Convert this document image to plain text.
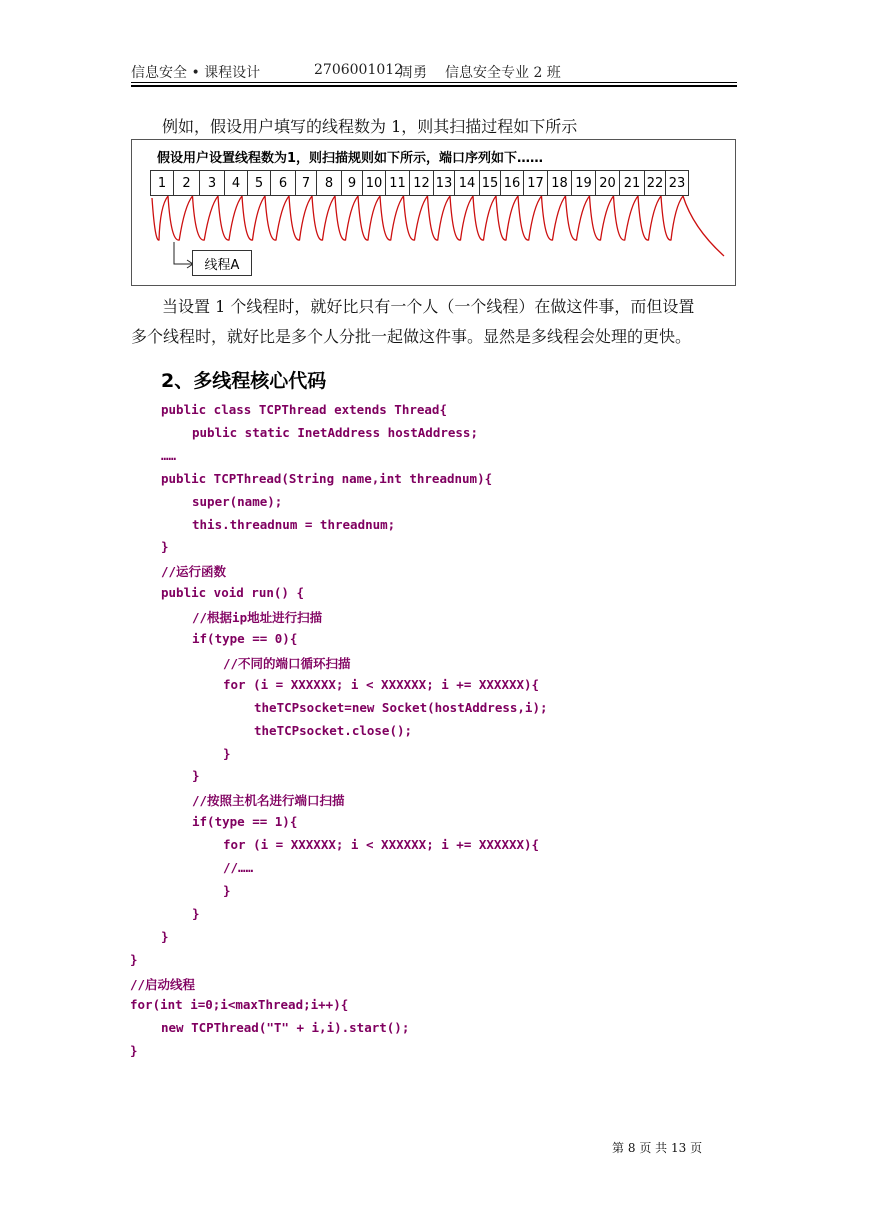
信息安全 • 课程设计	2706001012
周勇 信息安全专业 2 班
例如，假设用户填写的线程数为 1，则其扫描过程如下所示
假设用户设置线程数为1，则扫描规则如下所示，端口序列如下……
1	2	3	4	5	6	7	8	9 10 11 12 13 14 15 16 17 18 19 20 21 22 23
线程A
当设置 1 个线程时，就好比只有一个人（一个线程）在做这件事，而但设置
多个线程时，就好比是多个人分批一起做这件事。显然是多线程会处理的更快。
2、多线程核心代码
public class TCPThread extends Thread{
public static InetAddress hostAddress;
……
public TCPThread(String name,int threadnum){
super(name);
this.threadnum = threadnum;
}
//运行函数
public void run() {
//根据ip地址进行扫描
if(type == 0){
//不同的端口循环扫描
for (i = XXXXXX; i < XXXXXX; i += XXXXXX){
theTCPsocket=new Socket(hostAddress,i);
theTCPsocket.close();
}
}
//按照主机名进行端口扫描
if(type == 1){
for (i = XXXXXX; i < XXXXXX; i += XXXXXX){
//……
}
}
}
}
//启动线程
for(int i=0;i<maxThread;i++){
new TCPThread("T" + i,i).start();
}
第 8 页 共 13 页
